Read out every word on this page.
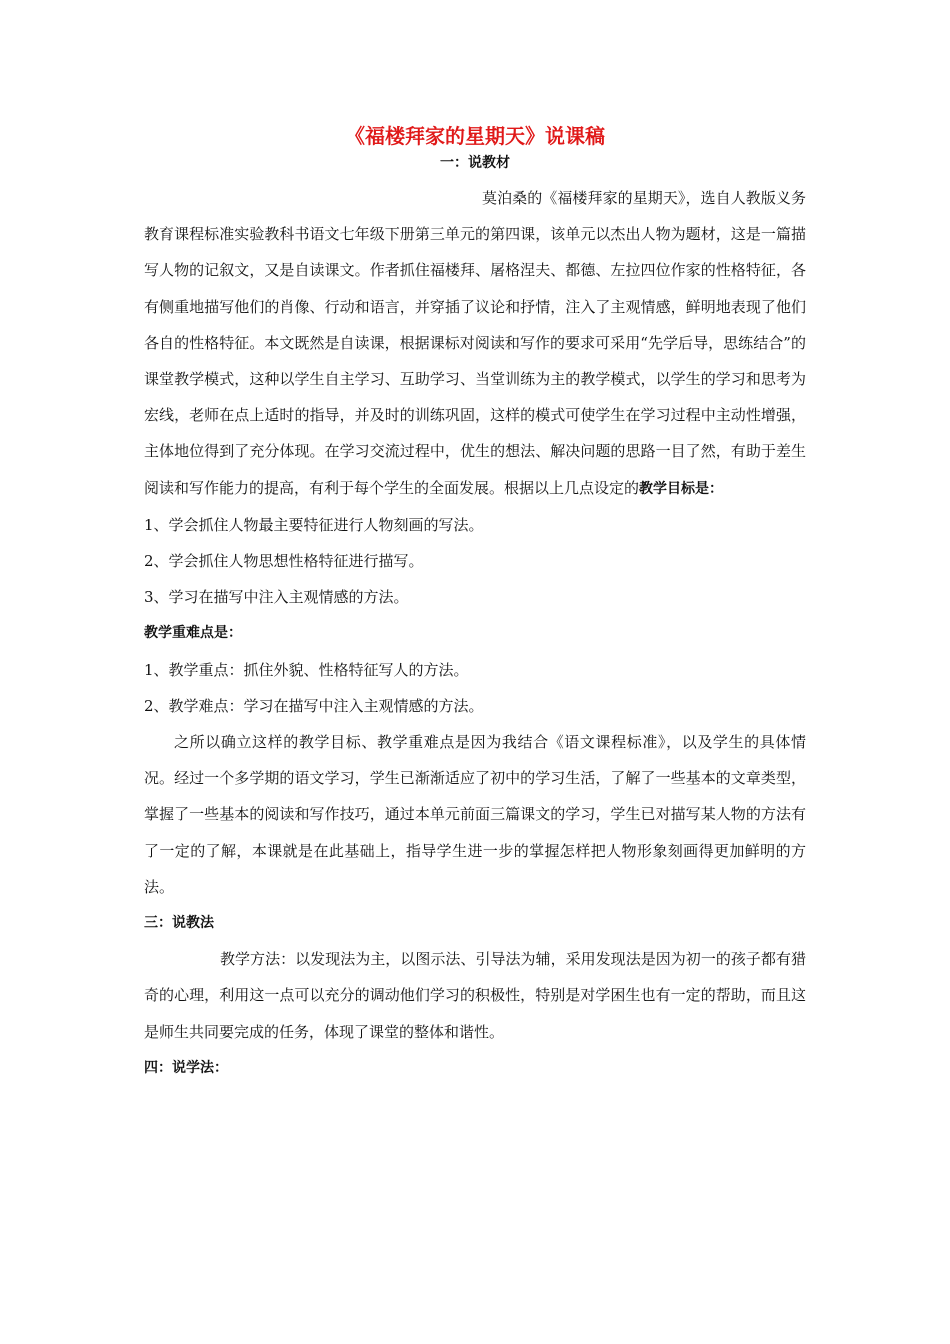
《福楼拜家的星期天》说课稿
一：说教材

莫泊桑的《福楼拜家的星期天》，选自人教版义务教育课程标准实验教科书语文七年级下册第三单元的第四课，该单元以杰出人物为题材，这是一篇描写人物的记叙文，又是自读课文。作者抓住福楼拜、屠格涅夫、都德、左拉四位作家的性格特征，各有侧重地描写他们的肖像、行动和语言，并穿插了议论和抒情，注入了主观情感，鲜明地表现了他们各自的性格特征。本文既然是自读课，根据课标对阅读和写作的要求可采用“先学后导，思练结合”的课堂教学模式，这种以学生自主学习、互助学习、当堂训练为主的教学模式，以学生的学习和思考为宏线，老师在点上适时的指导，并及时的训练巩固，这样的模式可使学生在学习过程中主动性增强，主体地位得到了充分体现。在学习交流过程中，优生的想法、解决问题的思路一目了然，有助于差生阅读和写作能力的提高，有利于每个学生的全面发展。根据以上几点设定的教学目标是：

1、学会抓住人物最主要特征进行人物刻画的写法。

2、学会抓住人物思想性格特征进行描写。

3、学习在描写中注入主观情感的方法。

教学重难点是：

1、教学重点：抓住外貌、性格特征写人的方法。

2、教学难点：学习在描写中注入主观情感的方法。

之所以确立这样的教学目标、教学重难点是因为我结合《语文课程标准》，以及学生的具体情况。经过一个多学期的语文学习，学生已渐渐适应了初中的学习生活，了解了一些基本的文章类型，掌握了一些基本的阅读和写作技巧，通过本单元前面三篇课文的学习，学生已对描写某人物的方法有了一定的了解，本课就是在此基础上，指导学生进一步的掌握怎样把人物形象刻画得更加鲜明的方法。

三：说教法

教学方法：以发现法为主，以图示法、引导法为辅，采用发现法是因为初一的孩子都有猎奇的心理，利用这一点可以充分的调动他们学习的积极性，特别是对学困生也有一定的帮助，而且这是师生共同要完成的任务，体现了课堂的整体和谐性。

四：说学法：
